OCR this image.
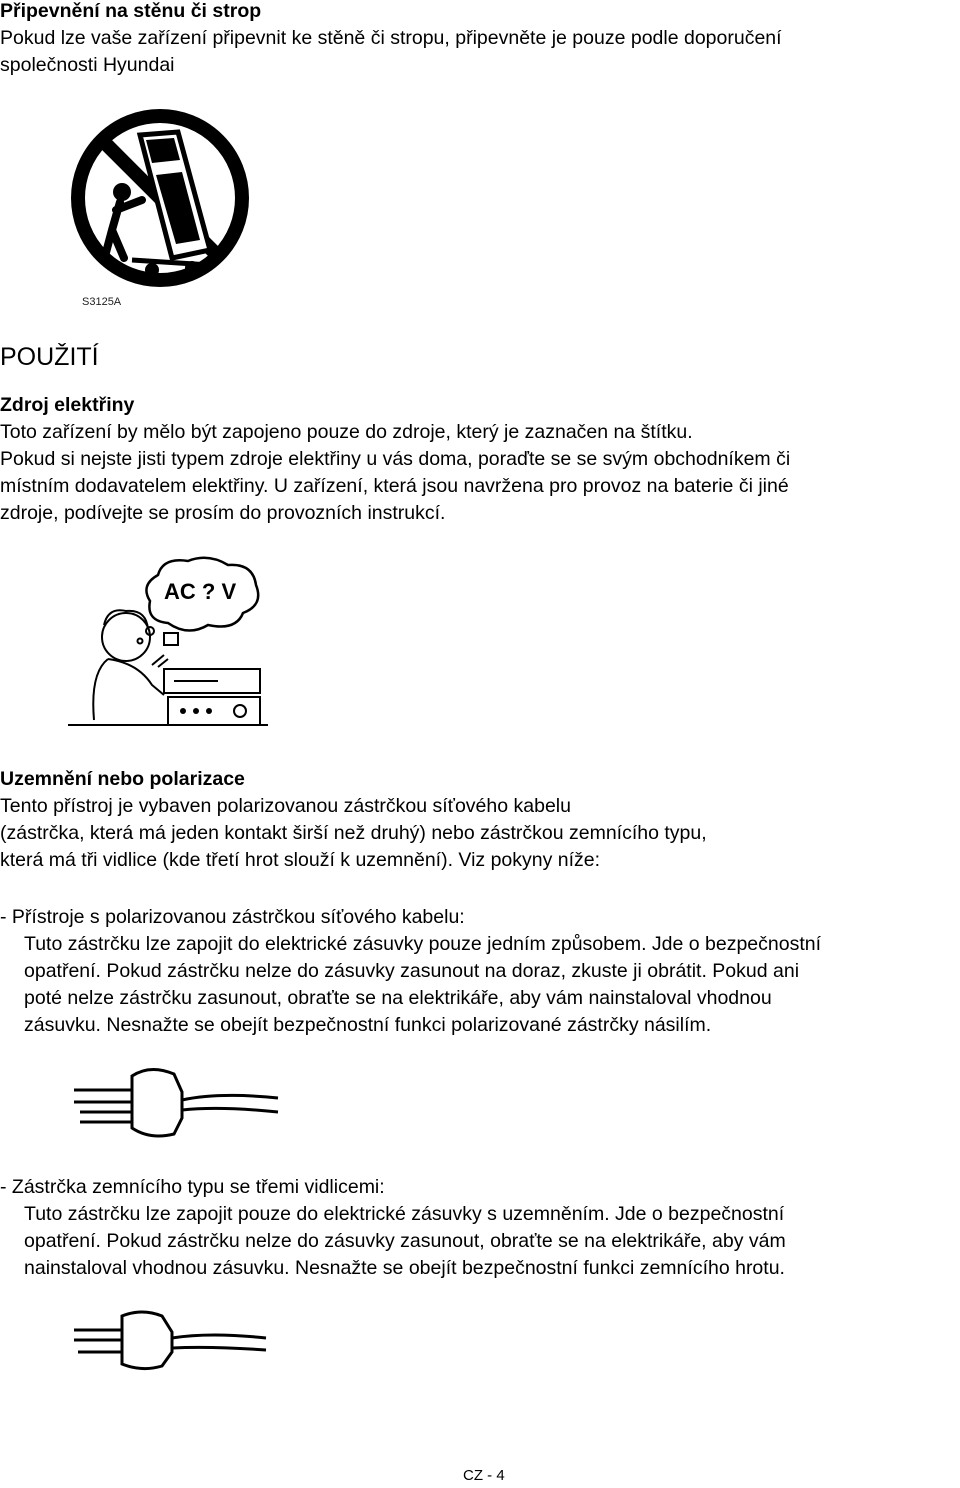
Připevnění na stěnu či strop
Pokud lze vaše zařízení připevnit ke stěně či stropu, připevněte je pouze podle doporučení
společnosti Hyundai
S3125A
POUŽITÍ
Zdroj elektřiny
Toto zařízení by mělo být zapojeno pouze do zdroje, který je zaznačen na štítku.
Pokud si nejste jisti typem zdroje elektřiny u vás doma, poraďte se se svým obchodníkem či
místním dodavatelem elektřiny. U zařízení, která jsou navržena pro provoz na baterie či jiné
zdroje, podívejte se prosím do provozních instrukcí.
AC ? V
Uzemnění nebo polarizace
Tento přístroj je vybaven polarizovanou zástrčkou síťového kabelu
(zástrčka, která má jeden kontakt širší než druhý) nebo zástrčkou zemnícího typu,
která má tři vidlice (kde třetí hrot slouží k uzemnění). Viz pokyny níže:
- Přístroje s polarizovanou zástrčkou síťového kabelu:
Tuto zástrčku lze zapojit do elektrické zásuvky pouze jedním způsobem. Jde o bezpečnostní
opatření. Pokud zástrčku nelze do zásuvky zasunout na doraz, zkuste ji obrátit. Pokud ani
poté nelze zástrčku zasunout, obraťte se na elektrikáře, aby vám nainstaloval vhodnou
zásuvku. Nesnažte se obejít bezpečnostní funkci polarizované zástrčky násilím.
- Zástrčka zemnícího typu se třemi vidlicemi:
Tuto zástrčku lze zapojit pouze do elektrické zásuvky s uzemněním. Jde o bezpečnostní
opatření. Pokud zástrčku nelze do zásuvky zasunout, obraťte se na elektrikáře, aby vám
nainstaloval vhodnou zásuvku. Nesnažte se obejít bezpečnostní funkci zemnícího hrotu.
CZ - 4
